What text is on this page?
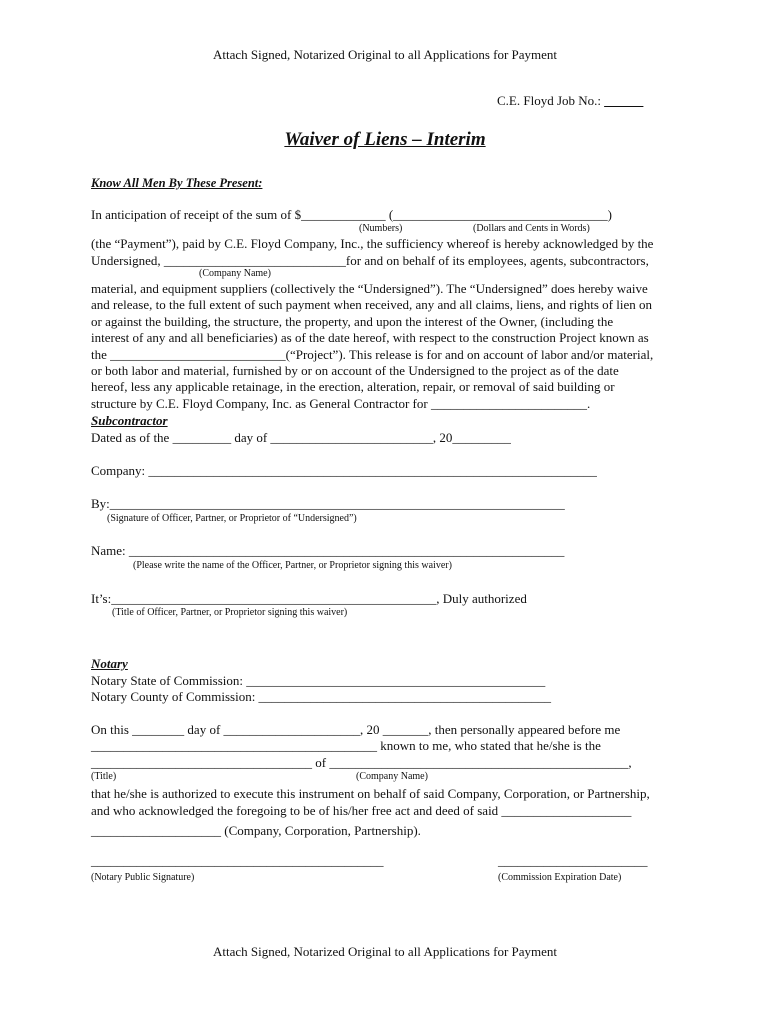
Attach Signed, Notarized Original to all Applications for Payment

C.E. Floyd Job No.: ______

Waiver of Liens – Interim

Know All Men By These Present:

In anticipation of receipt of the sum of $_____________ (_________________________________)

(Numbers)	(Dollars and Cents in Words)

(the “Payment”), paid by C.E. Floyd Company, Inc., the sufficiency whereof is hereby acknowledged by the

Undersigned, ____________________________for and on behalf of its employees, agents, subcontractors,

(Company Name)

material, and equipment suppliers (collectively the “Undersigned”). The “Undersigned” does hereby waive

and release, to the full extent of such payment when received, any and all claims, liens, and rights of lien on

or against the building, the structure, the property, and upon the interest of the Owner, (including the

interest of any and all beneficiaries) as of the date hereof, with respect to the construction Project known as

the ___________________________(“Project”). This release is for and on account of labor and/or material,

or both labor and material, furnished by or on account of the Undersigned to the project as of the date

hereof, less any applicable retainage, in the erection, alteration, repair, or removal of said building or

structure by C.E. Floyd Company, Inc. as General Contractor for ________________________.

Subcontractor

Dated as of the _________ day of _________________________, 20_________

Company: _____________________________________________________________________

By:______________________________________________________________________

(Signature of Officer, Partner, or Proprietor of “Undersigned”)

Name: ___________________________________________________________________

(Please write the name of the Officer, Partner, or Proprietor signing this waiver)

It’s:__________________________________________________, Duly authorized

(Title of Officer, Partner, or Proprietor signing this waiver)

Notary

Notary State of Commission: ______________________________________________

Notary County of Commission: _____________________________________________

On this ________ day of _____________________, 20 _______, then personally appeared before me

____________________________________________ known to me, who stated that he/she is the

__________________________________ of ______________________________________________,

(Title)	(Company Name)

that he/she is authorized to execute this instrument on behalf of said Company, Corporation, or Partnership,

and who acknowledged the foregoing to be of his/her free act and deed of said ____________________

____________________ (Company, Corporation, Partnership).

_____________________________________________	_______________________

(Notary Public Signature)	(Commission Expiration Date)

Attach Signed, Notarized Original to all Applications for Payment
